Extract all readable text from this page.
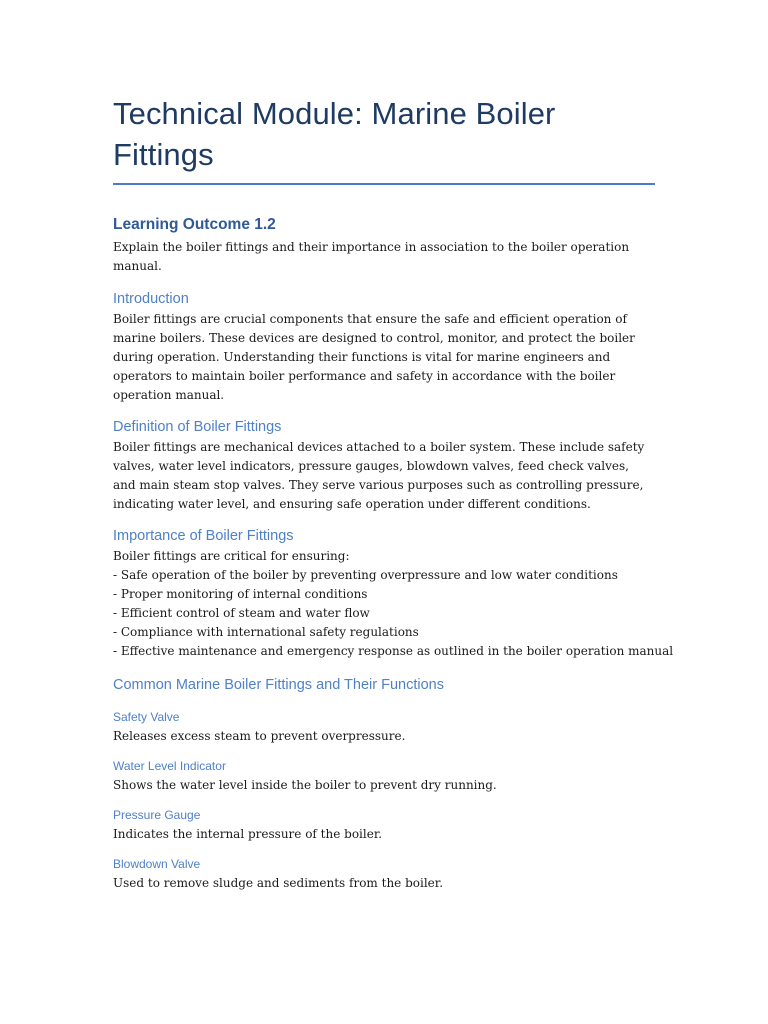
Technical Module: Marine Boiler Fittings
Learning Outcome 1.2

Explain the boiler fittings and their importance in association to the boiler operation manual.

Introduction

Boiler fittings are crucial components that ensure the safe and efficient operation of marine boilers. These devices are designed to control, monitor, and protect the boiler during operation. Understanding their functions is vital for marine engineers and operators to maintain boiler performance and safety in accordance with the boiler operation manual.

Definition of Boiler Fittings

Boiler fittings are mechanical devices attached to a boiler system. These include safety valves, water level indicators, pressure gauges, blowdown valves, feed check valves, and main steam stop valves. They serve various purposes such as controlling pressure, indicating water level, and ensuring safe operation under different conditions.

Importance of Boiler Fittings

Boiler fittings are critical for ensuring:

- Safe operation of the boiler by preventing overpressure and low water conditions
- Proper monitoring of internal conditions
- Efficient control of steam and water flow
- Compliance with international safety regulations
- Effective maintenance and emergency response as outlined in the boiler operation manual
Common Marine Boiler Fittings and Their Functions
Safety Valve

Releases excess steam to prevent overpressure.

Water Level Indicator

Shows the water level inside the boiler to prevent dry running.

Pressure Gauge

Indicates the internal pressure of the boiler.

Blowdown Valve

Used to remove sludge and sediments from the boiler.
